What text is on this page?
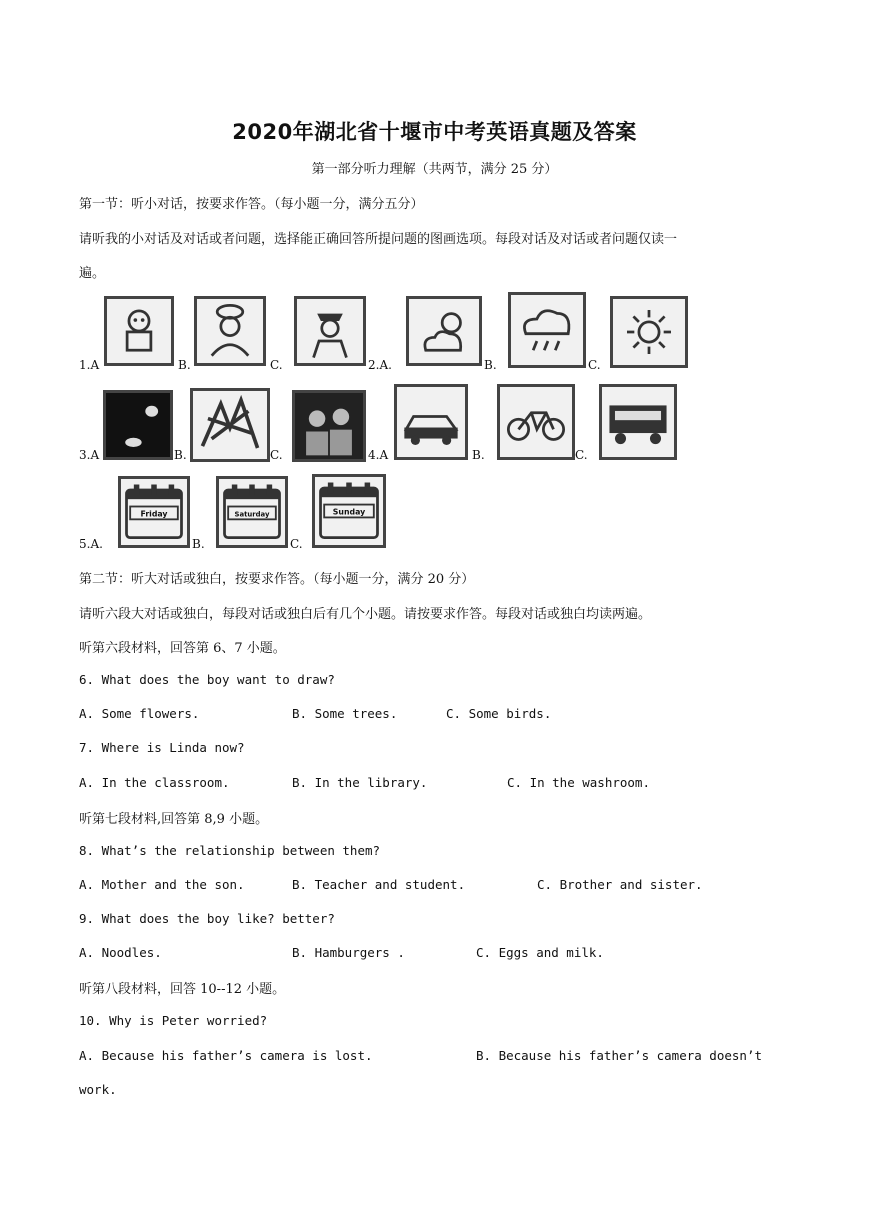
2020年湖北省十堰市中考英语真题及答案
第一部分听力理解（共两节，满分 25 分）
第一节：听小对话，按要求作答。（每小题一分，满分五分）
请听我的小对话及对话或者问题，选择能正确回答所提问题的图画选项。每段对话及对话或者问题仅读一
遍。
1.A	B.	C.	2.A.	B.	C.
3.A	B.	C.	4.A	B.	C.
5.A.
Friday
B.
Saturday
C.
Sunday
第二节：听大对话或独白，按要求作答。（每小题一分，满分 20 分）
请听六段大对话或独白，每段对话或独白后有几个小题。请按要求作答。每段对话或独白均读两遍。
听第六段材料，回答第 6、7 小题。
6. What does the boy want to draw?
A. Some flowers.	B. Some trees.	C. Some birds.
7. Where is Linda now?
A. In the classroom.	B. In the library.	C. In the washroom.
听第七段材料,回答第 8,9 小题。
8. What’s the relationship between them?
A. Mother and the son.	B. Teacher and student.	C. Brother and sister.
9. What does the boy like? better?
A. Noodles.	B. Hamburgers .	C. Eggs and milk.
听第八段材料，回答 10--12 小题。
10. Why is Peter worried?
A. Because his father’s camera is lost.	B. Because his father’s camera doesn’t
work.
